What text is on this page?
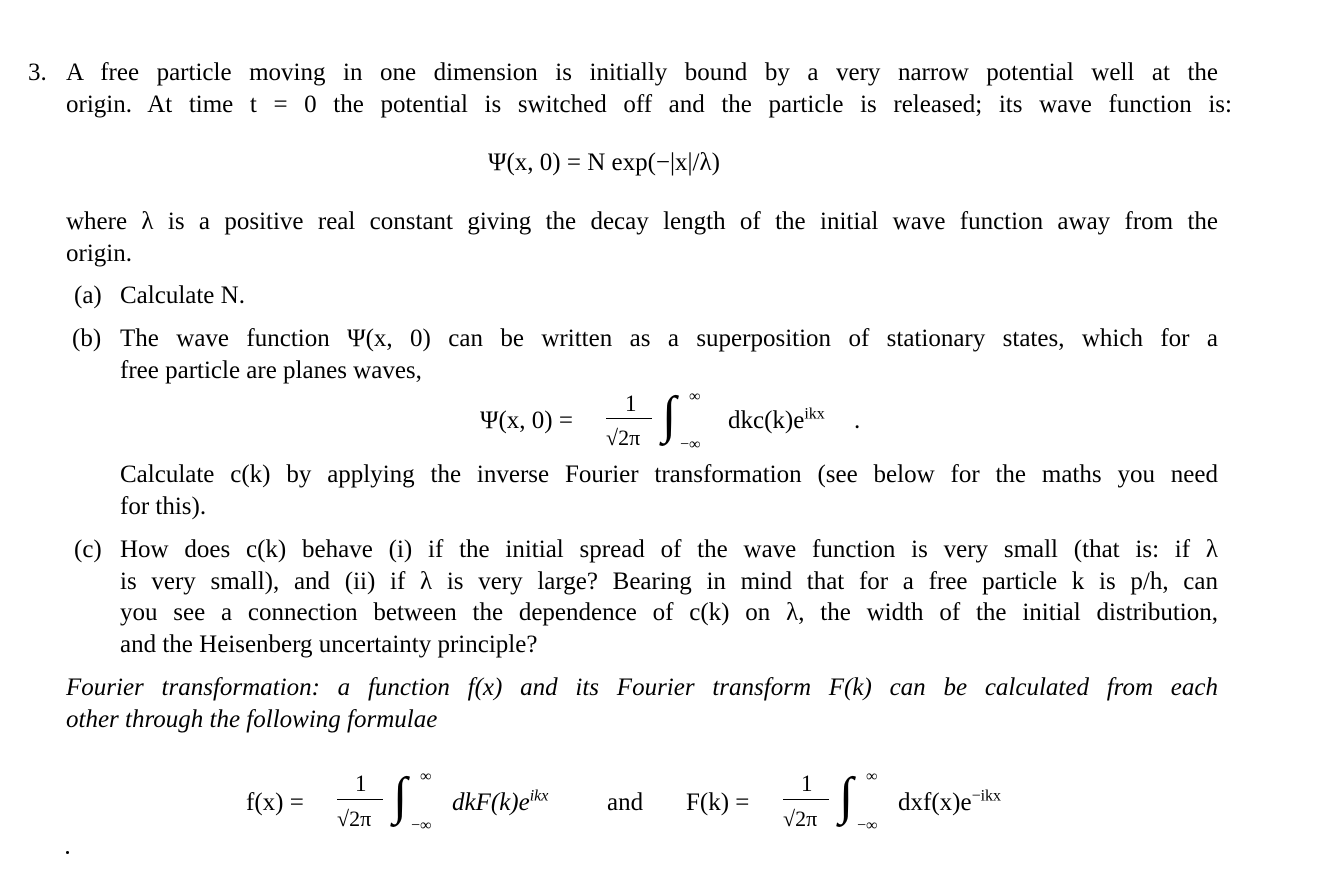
3. A free particle moving in one dimension is initially bound by a very narrow potential well at the
origin. At time t = 0 the potential is switched off and the particle is released; its wave function is:
Ψ(x, 0) = N exp(−|x|/λ)
where λ is a positive real constant giving the decay length of the initial wave function away from the
origin.
(a) Calculate N.
(b) The wave function Ψ(x, 0) can be written as a superposition of stationary states, which for a
free particle are planes waves,
Ψ(x, 0) =
1
√2π ∫ ∞
−∞
$dkc(k)e^{ikx}$ .
Calculate c(k) by applying the inverse Fourier transformation (see below for the maths you need
for this).
(c) How does c(k) behave (i) if the initial spread of the wave function is very small (that is: if λ
is very small), and (ii) if λ is very large? Bearing in mind that for a free particle k is p/h, can
you see a connection between the dependence of c(k) on λ, the width of the initial distribution,
and the Heisenberg uncertainty principle?
Fourier transformation: a function f(x) and its Fourier transform F(k) can be calculated from each
other through the following formulae
f(x) =
1
√2π ∫ ∞
−∞
$dkF(k)e^{ikx}$ and F(k) =
1
√2π ∫ ∞
−∞
$dxf(x)e^{-ikx}$
